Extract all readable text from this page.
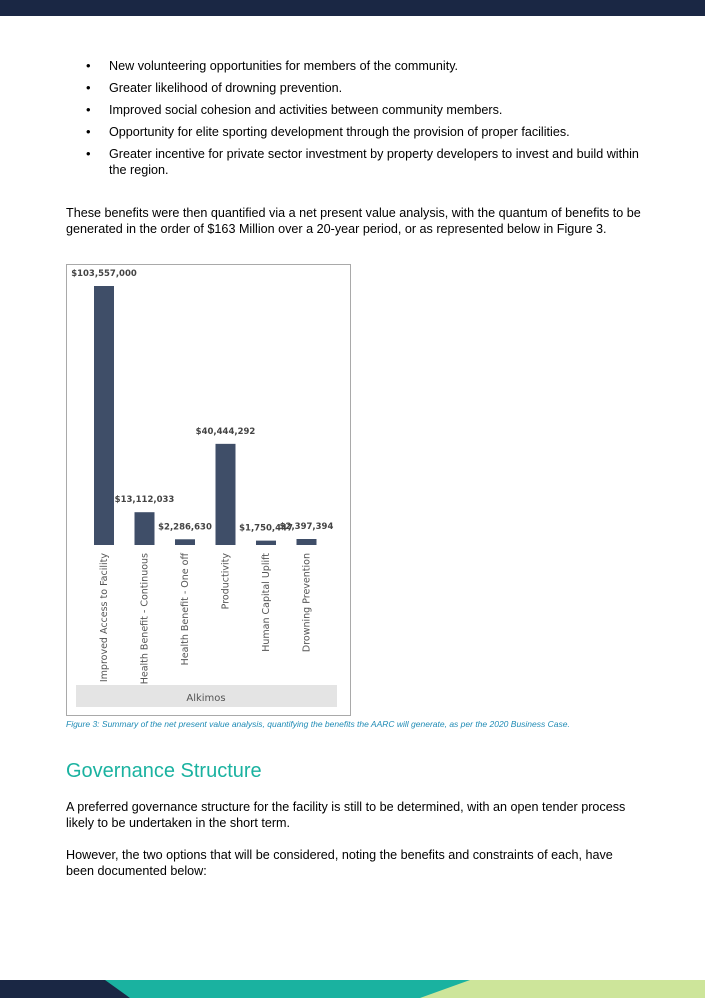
• New volunteering opportunities for members of the community.
• Greater likelihood of drowning prevention.
• Improved social cohesion and activities between community members.
• Opportunity for elite sporting development through the provision of proper facilities.
• Greater incentive for private sector investment by property developers to invest and build within the region.

These benefits were then quantified via a net present value analysis, with the quantum of benefits to be generated in the order of $163 Million over a 20-year period, or as represented below in Figure 3.

Alkimos
$103,557,000
Improved Access to Facility
$13,112,033
Health Benefit - Continuous
$2,286,630
Health Benefit - One off
$40,444,292
Productivity
$1,750,447
Human Capital Uplift
$2,397,394
Drowning Prevention

Figure 3: Summary of the net present value analysis, quantifying the benefits the AARC will generate, as per the 2020 Business Case.

Governance Structure

A preferred governance structure for the facility is still to be determined, with an open tender process likely to be undertaken in the short term.

However, the two options that will be considered, noting the benefits and constraints of each, have been documented below:
